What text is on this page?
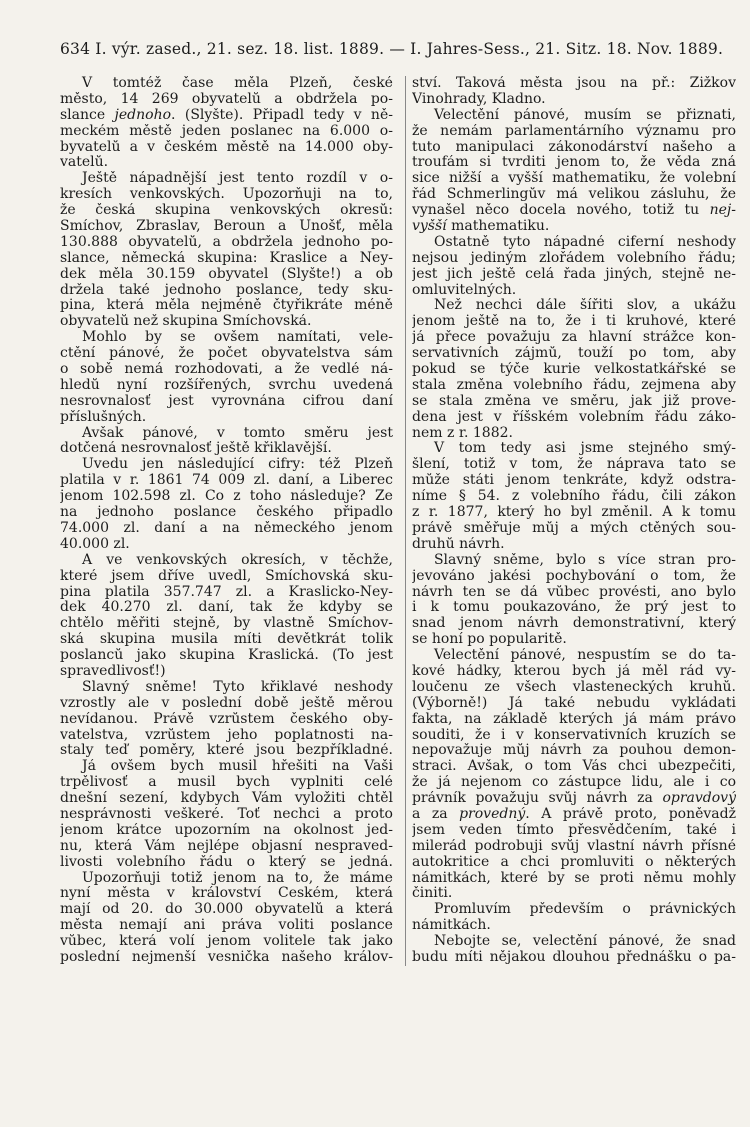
634 I. výr. zased., 21. sez. 18. list. 1889. — I. Jahres-Sess., 21. Sitz. 18. Nov. 1889.
V tomtéž čase měla Plzeň, české
město, 14 269 obyvatelů a obdržela po-
slance jednoho. (Slyšte). Připadl tedy v ně-
meckém městě jeden poslanec na 6.000 o-
byvatelů a v českém městě na 14.000 oby-
vatelů.
Ještě nápadnější jest tento rozdíl v o-
kresích venkovských. Upozorňuji na to,
že česká skupina venkovských okresů:
Smíchov, Zbraslav, Beroun a Únošť, měla
130.888 obyvatelů, a obdržela jednoho po-
slance, německá skupina: Kraslice a Ney-
dek měla 30.159 obyvatel (Slyšte!) a ob
držela také jednoho poslance, tedy sku-
pina, která měla nejméně čtyřikráte méně
obyvatelů než skupina Smíchovská.
Mohlo by se ovšem namítati, vele-
ctění pánové, že počet obyvatelstva sám
o sobě nemá rozhodovati, a že vedlé ná-
hledů nyní rozšířených, svrchu uvedená
nesrovnalosť jest vyrovnána cifrou daní
příslušných.
Avšak pánové, v tomto směru jest
dotčená nesrovnalosť ještě křiklavější.
Uvedu jen následující cifry: též Plzeň
platila v r. 1861 74 009 zl. daní, a Liberec
jenom 102.598 zl. Co z toho následuje? Že
na jednoho poslance českého připadlo
74.000 zl. daní a na německého jenom
40.000 zl.
A ve venkovských okresích, v těchže,
které jsem dříve uvedl, Smíchovská sku-
pina platila 357.747 zl. a Kraslicko-Ney-
dek 40.270 zl. daní, tak že kdyby se
chtělo měřiti stejně, by vlastně Smíchov-
ská skupina musila míti devětkrát tolik
poslanců jako skupina Kraslická. (To jest
spravedlivosť!)
Slavný sněme! Tyto křiklavé neshody
vzrostly ale v poslední době ještě měrou
nevídanou. Právě vzrůstem českého oby-
vatelstva, vzrůstem jeho poplatnosti na-
staly teď poměry, které jsou bezpříkladné.
Já ovšem bych musil hřešiti na Vaši
trpělivosť a musil bych vyplniti celé
dnešní sezení, kdybych Vám vyložiti chtěl
nesprávnosti veškeré. Toť nechci a proto
jenom krátce upozorním na okolnost jed-
nu, která Vám nejlépe objasní nespraved-
livosti volebního řádu o který se jedná.
Upozorňuji totiž jenom na to, že máme
nyní města v království Českém, která
mají od 20. do 30.000 obyvatelů a která
města nemají ani práva voliti poslance
vůbec, která volí jenom volitele tak jako
poslední nejmenší vesnička našeho králov-
ství. Taková města jsou na př.: Žižkov
Vinohrady, Kladno.
Velectění pánové, musím se přiznati,
že nemám parlamentárního významu pro
tuto manipulaci zákonodárství našeho a
troufám si tvrditi jenom to, že věda zná
sice nižší a vyšší mathematiku, že volební
řád Schmerlingův má velikou zásluhu, že
vynašel něco docela nového, totiž tu nej-
vyšší mathematiku.
Ostatně tyto nápadné ciferní neshody
nejsou jediným zlořádem volebního řádu;
jest jich ještě celá řada jiných, stejně ne-
omluvitelných.
Než nechci dále šířiti slov, a ukážu
jenom ještě na to, že i ti kruhové, které
já přece považuju za hlavní strážce kon-
servativních zájmů, touží po tom, aby
pokud se týče kurie velkostatkářské se
stala změna volebního řádu, zejmena aby
se stala změna ve směru, jak již prove-
dena jest v říšském volebním řádu záko-
nem z r. 1882.
V tom tedy asi jsme stejného smý-
šlení, totiž v tom, že náprava tato se
může státi jenom tenkráte, když odstra-
níme § 54. z volebního řádu, čili zákon
z r. 1877, který ho byl změnil. A k tomu
právě směřuje můj a mých ctěných sou-
druhů návrh.
Slavný sněme, bylo s více stran pro-
jevováno jakési pochybování o tom, že
návrh ten se dá vůbec provésti, ano bylo
i k tomu poukazováno, že prý jest to
snad jenom návrh demonstrativní, který
se honí po popularitě.
Velectění pánové, nespustím se do ta-
kové hádky, kterou bych já měl rád vy-
loučenu ze všech vlasteneckých kruhů.
(Výborně!) Já také nebudu vykládati
fakta, na základě kterých já mám právo
souditi, že i v konservativních kruzích se
nepovažuje můj návrh za pouhou demon-
straci. Avšak, o tom Vás chci ubezpečiti,
že já nejenom co zástupce lidu, ale i co
právník považuju svůj návrh za opravdový
a za provedný. A právě proto, poněvadž
jsem veden tímto přesvědčením, také i
milerád podrobuji svůj vlastní návrh přísné
autokritice a chci promluviti o některých
námitkách, které by se proti němu mohly
činiti.
Promluvím především o právnických
námitkách.
Nebojte se, velectění pánové, že snad
budu míti nějakou dlouhou přednášku o pa-
